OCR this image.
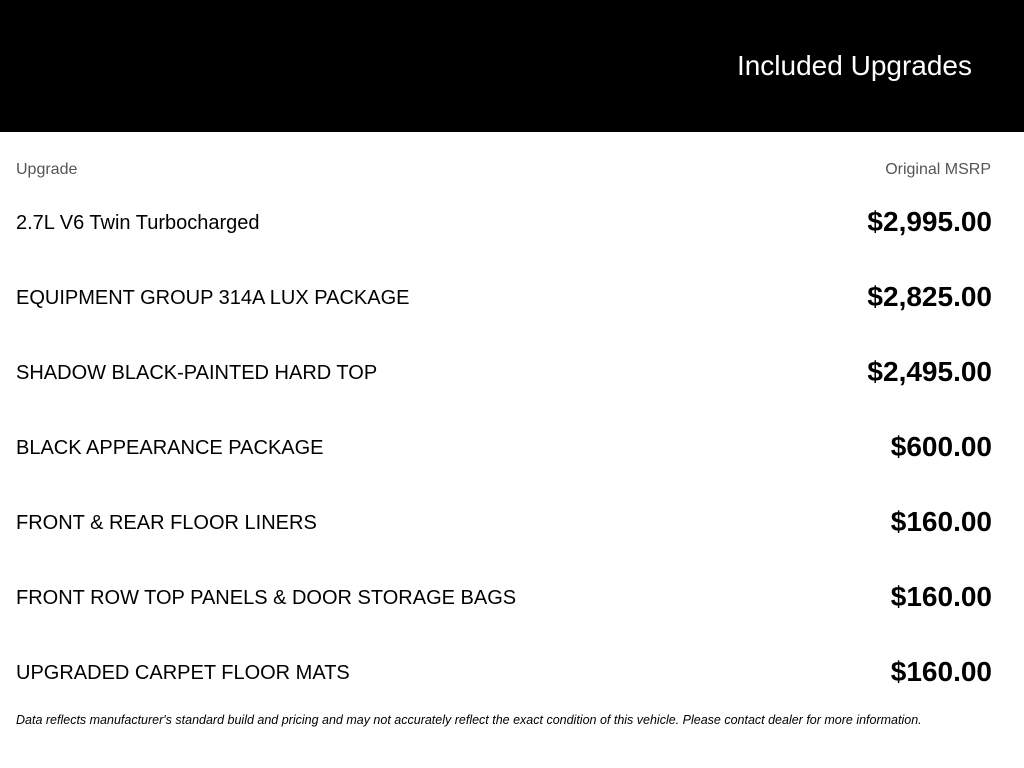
Included Upgrades
Upgrade	Original MSRP
2.7L V6 Twin Turbocharged	$2,995.00
EQUIPMENT GROUP 314A LUX PACKAGE	$2,825.00
SHADOW BLACK-PAINTED HARD TOP	$2,495.00
BLACK APPEARANCE PACKAGE	$600.00
FRONT & REAR FLOOR LINERS	$160.00
FRONT ROW TOP PANELS & DOOR STORAGE BAGS	$160.00
UPGRADED CARPET FLOOR MATS	$160.00
Data reflects manufacturer's standard build and pricing and may not accurately reflect the exact condition of this vehicle. Please contact dealer for more information.
